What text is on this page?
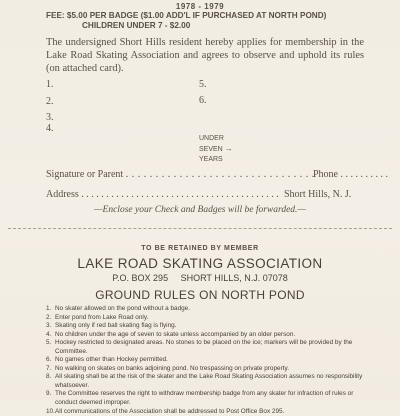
1978 - 1979
FEE: $5.00 PER BADGE ($1.00 ADD'L IF PURCHASED AT NORTH POND)
CHILDREN UNDER 7 - $2.00
The undersigned Short Hills resident hereby applies for membership in the Lake Road Skating Association and agrees to observe and uphold its rules (on attached card).
1.
2.
3.
4.
5.
6.
UNDER
SEVEN →
YEARS
Signature or Parent . . . . . . . . . . . . . . . . . . . . . . . . . . . . . . . .
Phone . . . . . . . . . .
Address . . . . . . . . . . . . . . . . . . . . . . . . . . . . . . . . . . . . . . . . Short Hills, N. J.
—Enclose your Check and Badges will be forwarded.—
TO BE RETAINED BY MEMBER
LAKE ROAD SKATING ASSOCIATION
P.O. BOX 295     SHORT HILLS, N.J. 07078
GROUND RULES ON NORTH POND
1. No skater allowed on the pond without a badge.
2. Enter pond from Lake Road only.
3. Skating only if red ball skating flag is flying.
4. No children under the age of seven to skate unless accompanied by an older person.
5. Hockey restricted to designated areas. No stones to be placed on the ice; markers will be provided by the Committee.
6. No games other than Hockey permitted.
7. No walking on skates on banks adjoining pond. No trespassing on private property.
8. All skating shall be at the risk of the skater and the Lake Road Skating Association assumes no responsibility whatsoever.
9. The Committee reserves the right to withdraw membership badge from any skater for infraction of rules or conduct deemed improper.
10. All communications of the Association shall be addressed to Post Office Box 295.
